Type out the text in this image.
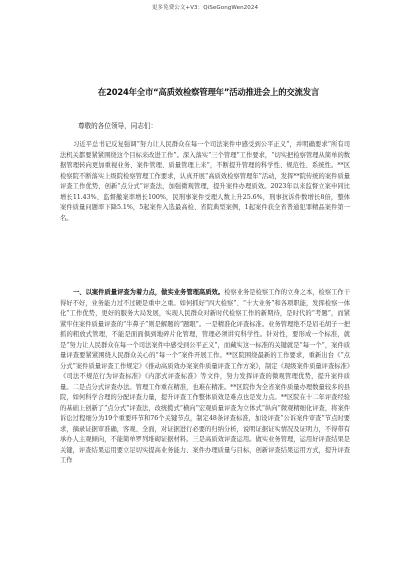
更多免费公文+V3：QiSeGongWen2024
在2024年全市“高质效检察管理年”活动推进会上的交流发言
尊敬的各位领导，同志们：
习近平总书记反复强调“努力让人民群众在每一个司法案件中感受到公平正义”，并明确要求“所有司法机关都要紧紧围绕这个目标来改进工作”。深入落实“三个管理”工作要求，“切实把检察管理从简单的数据管理转向更加重视业务、案件管理、质量管理上来”，不断提升管理的科学性、规范性、系统性。**区检察院不断落实上级院检察管理工作要求，认真开展“高质效检察管理年”活动，发挥**院传统的案件质量评查工作优势，创新“点分式”评查法，加强微观管理，提升案件办理质效。2023年以来监督立案申同比增长11.43%、监督撤案率增长100%，民刑事案件受理人数上升25.6%，刑事抗诉件数增长8倍，整体案件质量问题率下降5.1%，5起案件入选最高检、省院典型案例，1起案件获全省普通犯罪精品案件第一名。
一、以案件质量评查为着力点，做实业务管理高质效。检察业务是检察工作的立身之本，检察工作干得好不好，业务能力过不过硬是重中之重。如何抓好“四大检察”、“十大业务”和各项职能，发挥检察一体化”工作优势，更好的服务大局发展，实现人民群众对新时代检察工作的新期待，是时代的“考题”，而紧紧牢住案件质量评查的“牛鼻子”则是解题的“题眼”。一是精准化评查标准。业务管理绝不是眉毛胡子一把抓的粗放式管理，不能是面面俱到地碎片化管理，管理必须讲究科学性。针对性，要形成一个标准，就是“努力让人民群众在每一个司法案件中感受到公平正义”，而藏实这一标准的关键就是“每一个”，案件质量评查要紧紧围绕人民群众关心的“每一个”案件开展工作。**区院围绕最新的工作要求，重新出台《“点分式”案件质量评查工作规定》《推动高质效办案案件质量评查工作方案》，制定《现级案件质量评查标准》《司法不规范行为评查标准》《内部式评查标准》等文件，努力发挥评查的微观管理优势，提升案件质量。二是点分式评查办法。管理工作重在精准，也难在精准。**区院作为全省案件质量办理数量较多的县院，如何科学合理的分配评查力量，提升评查工作整体质效是难点也是发力点。**区院在十二年评查经验的基础上创新了“点分式”评查法，改统揽式“横向”宏观质量评查为立体式“纵向”微观精细化评查，将案件诉讼过程细分为19个重要环节和76个关键节点，制定48条评查标准，加设评查“公诉案件审查”节点时要求，摘录证据审准确，客观、全面，对证据进行必要的归纳分析，说明证据证实情况及证明力，不得带有承办人主观倾向，不能简单罗列堆砌证据材料。三是高质效评查运用。做实业务管理，运用好评查结果是关键，评查结果运用要立足切实提高业务能力、案件办理质量与目标，创新评查结果运用方式，提升评查工作
